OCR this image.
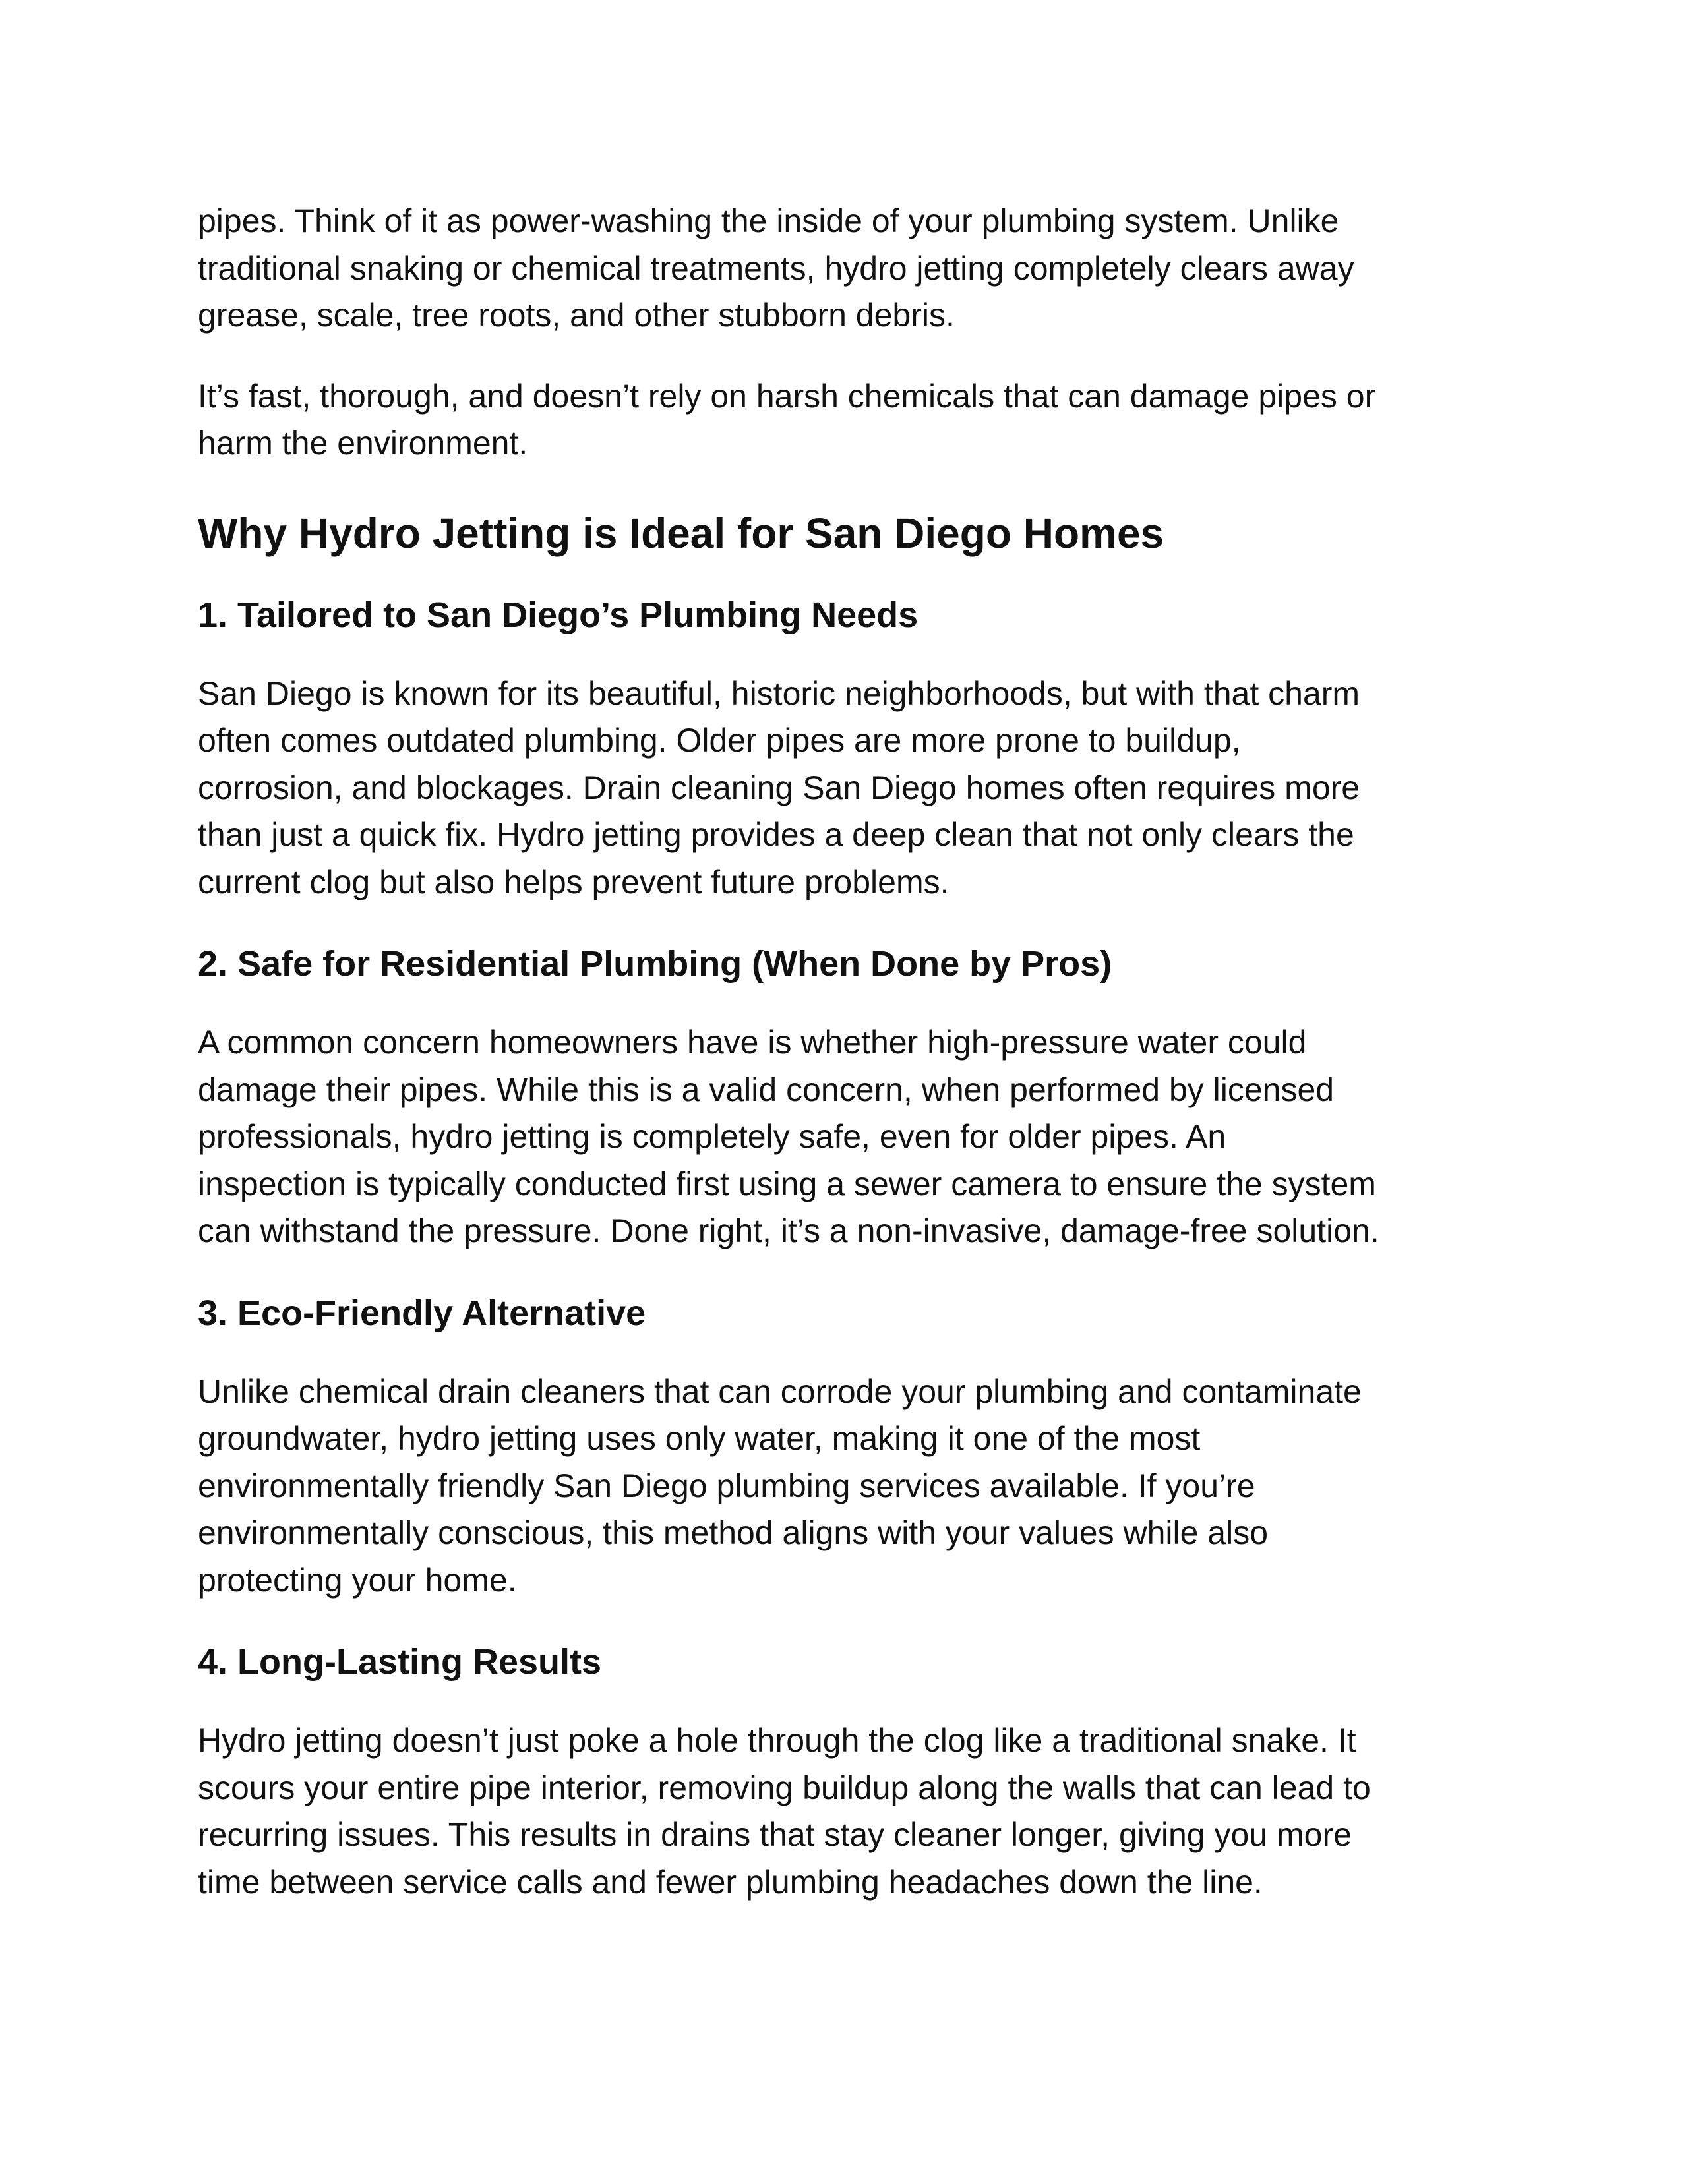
pipes. Think of it as power-washing the inside of your plumbing system. Unlike
traditional snaking or chemical treatments, hydro jetting completely clears away
grease, scale, tree roots, and other stubborn debris.

It’s fast, thorough, and doesn’t rely on harsh chemicals that can damage pipes or
harm the environment.

Why Hydro Jetting is Ideal for San Diego Homes
1. Tailored to San Diego’s Plumbing Needs

San Diego is known for its beautiful, historic neighborhoods, but with that charm
often comes outdated plumbing. Older pipes are more prone to buildup,
corrosion, and blockages. Drain cleaning San Diego homes often requires more
than just a quick fix. Hydro jetting provides a deep clean that not only clears the
current clog but also helps prevent future problems.

2. Safe for Residential Plumbing (When Done by Pros)

A common concern homeowners have is whether high-pressure water could
damage their pipes. While this is a valid concern, when performed by licensed
professionals, hydro jetting is completely safe, even for older pipes. An
inspection is typically conducted first using a sewer camera to ensure the system
can withstand the pressure. Done right, it’s a non-invasive, damage-free solution.

3. Eco-Friendly Alternative

Unlike chemical drain cleaners that can corrode your plumbing and contaminate
groundwater, hydro jetting uses only water, making it one of the most
environmentally friendly San Diego plumbing services available. If you’re
environmentally conscious, this method aligns with your values while also
protecting your home.

4. Long-Lasting Results

Hydro jetting doesn’t just poke a hole through the clog like a traditional snake. It
scours your entire pipe interior, removing buildup along the walls that can lead to
recurring issues. This results in drains that stay cleaner longer, giving you more
time between service calls and fewer plumbing headaches down the line.
